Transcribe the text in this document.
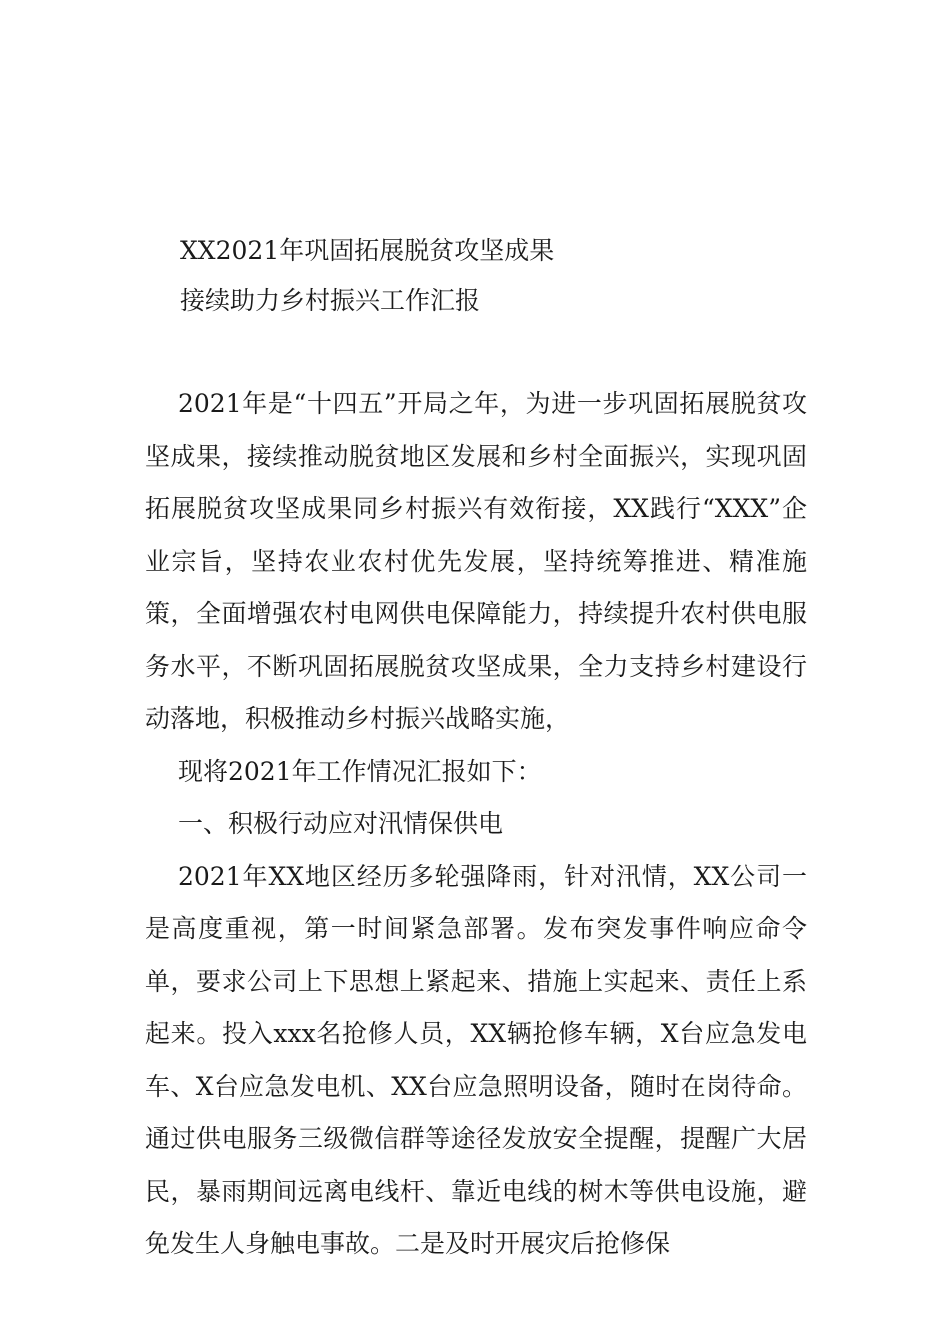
XX2021年巩固拓展脱贫攻坚成果
接续助力乡村振兴工作汇报

2021年是“十四五”开局之年，为进一步巩固拓展脱贫攻坚成果，接续推动脱贫地区发展和乡村全面振兴，实现巩固拓展脱贫攻坚成果同乡村振兴有效衔接，XX践行“XXX”企业宗旨，坚持农业农村优先发展，坚持统筹推进、精准施策，全面增强农村电网供电保障能力，持续提升农村供电服务水平，不断巩固拓展脱贫攻坚成果，全力支持乡村建设行动落地，积极推动乡村振兴战略实施，

现将2021年工作情况汇报如下：

一、积极行动应对汛情保供电

2021年XX地区经历多轮强降雨，针对汛情，XX公司一是高度重视，第一时间紧急部署。发布突发事件响应命令单，要求公司上下思想上紧起来、措施上实起来、责任上系起来。投入xxx名抢修人员，XX辆抢修车辆，X台应急发电车、X台应急发电机、XX台应急照明设备，随时在岗待命。通过供电服务三级微信群等途径发放安全提醒，提醒广大居民，暴雨期间远离电线杆、靠近电线的树木等供电设施，避免发生人身触电事故。二是及时开展灾后抢修保
